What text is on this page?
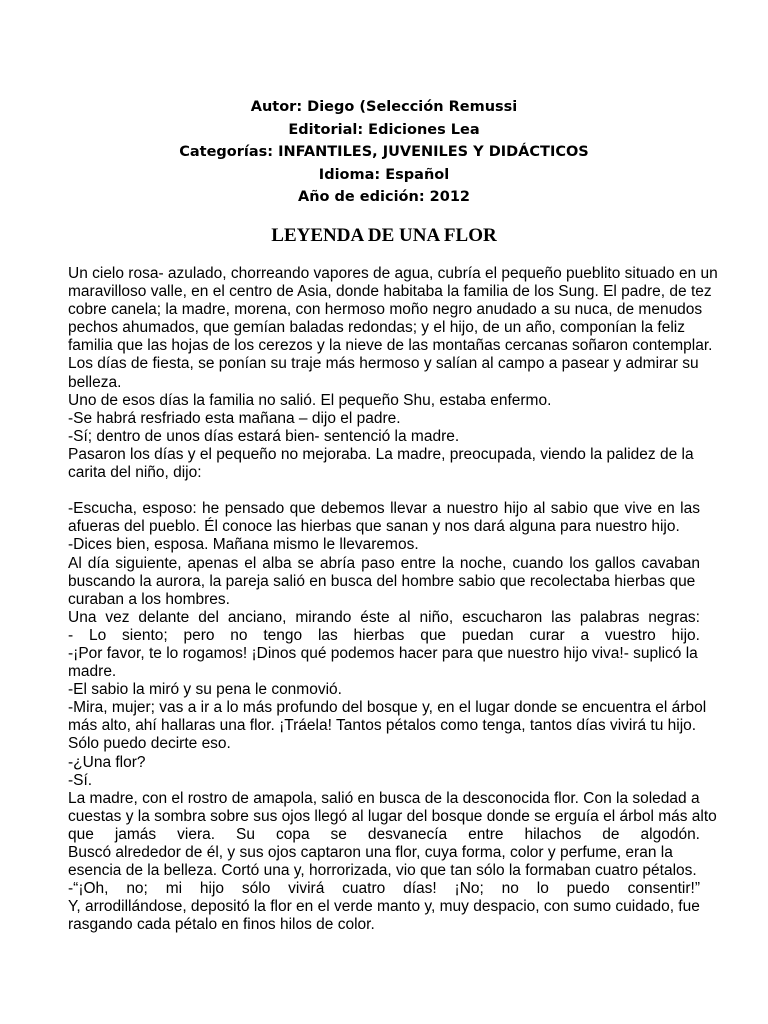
Autor: Diego (Selección Remussi
Editorial: Ediciones Lea
Categorías: INFANTILES, JUVENILES Y DIDÁCTICOS
Idioma: Español
Año de edición: 2012
LEYENDA DE UNA FLOR
Un cielo rosa- azulado, chorreando vapores de agua, cubría el pequeño pueblito situado en un
maravilloso valle, en el centro de Asia, donde habitaba la familia de los Sung. El padre, de tez
cobre canela; la madre, morena, con hermoso moño negro anudado a su nuca, de menudos
pechos ahumados, que gemían baladas redondas; y el hijo, de un año, componían la feliz
familia que las hojas de los cerezos y la nieve de las montañas cercanas soñaron contemplar.
Los días de fiesta, se ponían su traje más hermoso y salían al campo a pasear y admirar su
belleza.
Uno de esos días la familia no salió. El pequeño Shu, estaba enfermo.
-Se habrá resfriado esta mañana – dijo el padre.
-Sí; dentro de unos días estará bien- sentenció la madre.
Pasaron los días y el pequeño no mejoraba. La madre, preocupada, viendo la palidez de la
carita del niño, dijo:
-Escucha, esposo: he pensado que debemos llevar a nuestro hijo al sabio que vive en las
afueras del pueblo. Él conoce las hierbas que sanan y nos dará alguna para nuestro hijo.
-Dices bien, esposa. Mañana mismo le llevaremos.
Al día siguiente, apenas el alba se abría paso entre la noche, cuando los gallos cavaban
buscando la aurora, la pareja salió en busca del hombre sabio que recolectaba hierbas que
curaban a los hombres.
Una vez delante del anciano, mirando éste al niño, escucharon las palabras negras:
- Lo siento; pero no tengo las hierbas que puedan curar a vuestro hijo.
-¡Por favor, te lo rogamos! ¡Dinos qué podemos hacer para que nuestro hijo viva!- suplicó la
madre.
-El sabio la miró y su pena le conmovió.
-Mira, mujer; vas a ir a lo más profundo del bosque y, en el lugar donde se encuentra el árbol
más alto, ahí hallaras una flor. ¡Tráela! Tantos pétalos como tenga, tantos días vivirá tu hijo.
Sólo puedo decirte eso.
-¿Una flor?
-Sí.
La madre, con el rostro de amapola, salió en busca de la desconocida flor. Con la soledad a
cuestas y la sombra sobre sus ojos llegó al lugar del bosque donde se erguía el árbol más alto
que jamás viera. Su copa se desvanecía entre hilachos de algodón.
Buscó alrededor de él, y sus ojos captaron una flor, cuya forma, color y perfume, eran la
esencia de la belleza. Cortó una y, horrorizada, vio que tan sólo la formaban cuatro pétalos.
-“¡Oh, no; mi hijo sólo vivirá cuatro días! ¡No; no lo puedo consentir!”
Y, arrodillándose, depositó la flor en el verde manto y, muy despacio, con sumo cuidado, fue
rasgando cada pétalo en finos hilos de color.
